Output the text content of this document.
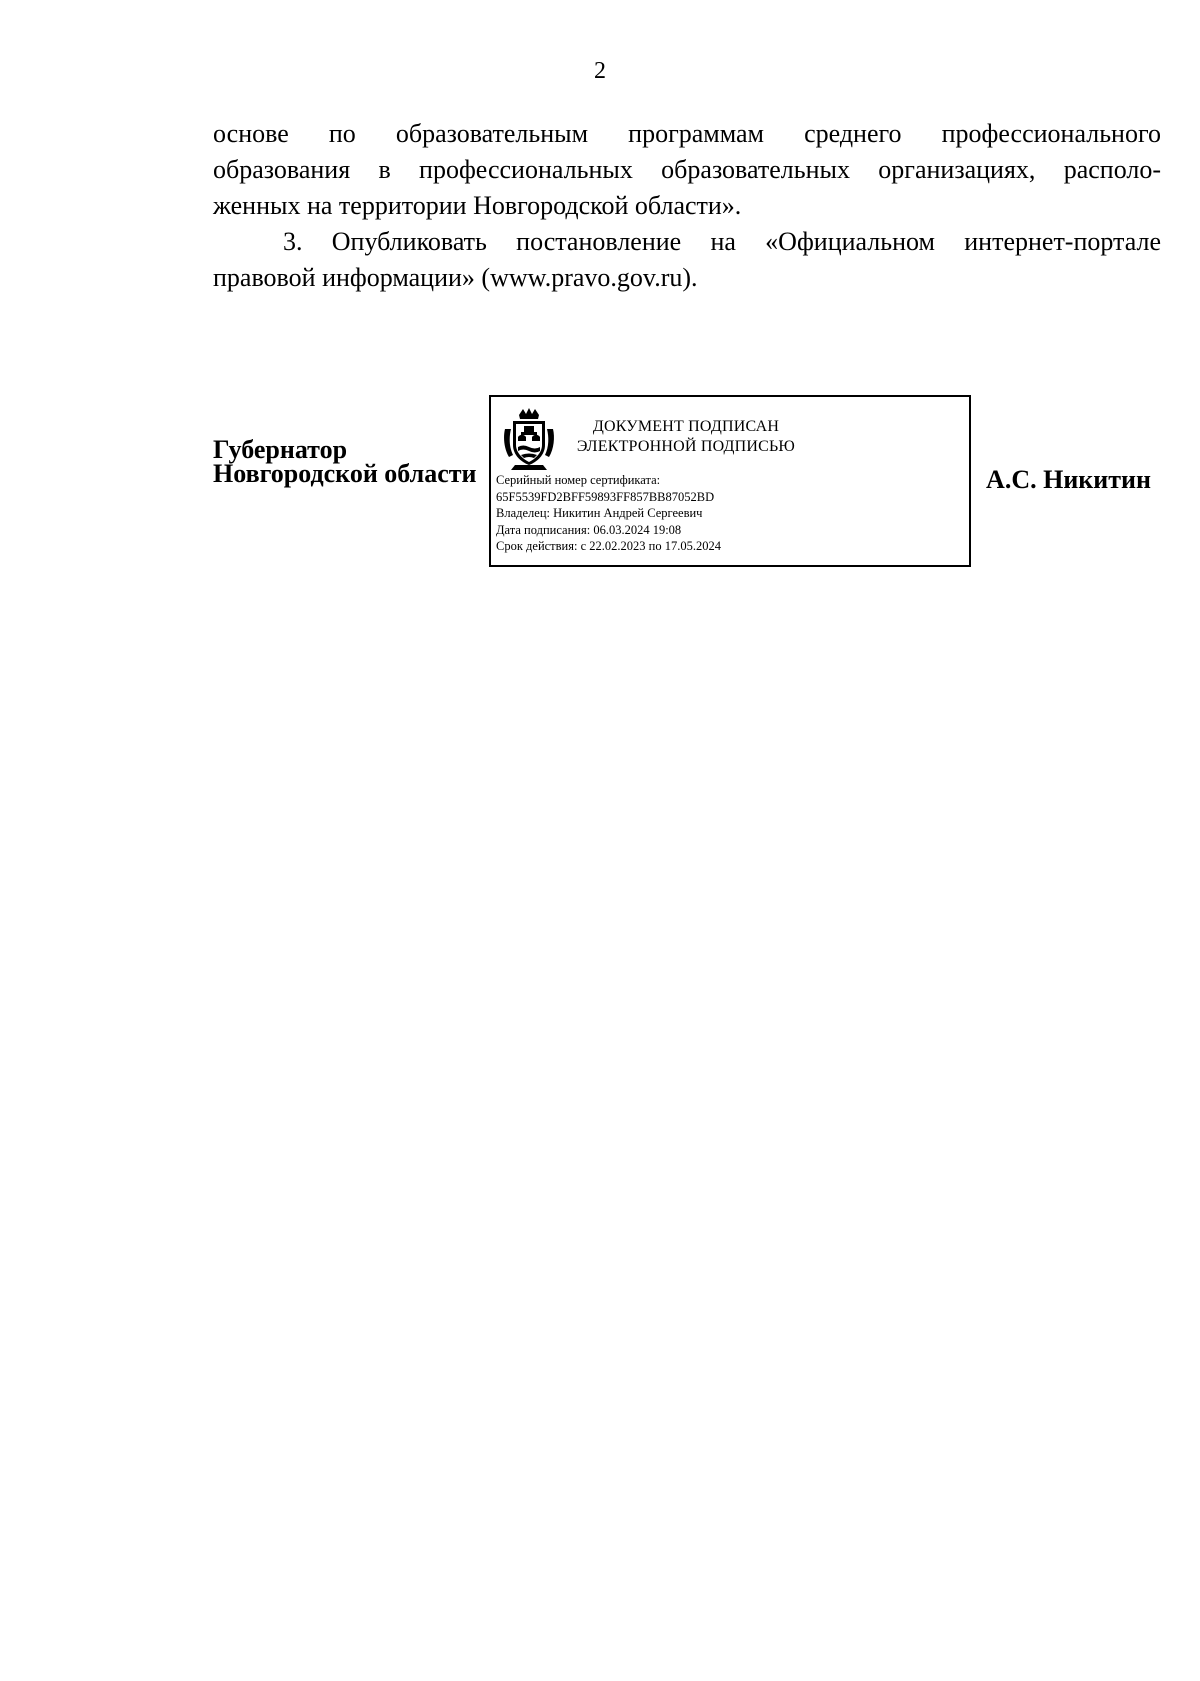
2

основе по образовательным программам среднего профессионального
образования в профессиональных образовательных организациях, располо-
женных на территории Новгородской области».

3. Опубликовать постановление на «Официальном интернет-портале
правовой информации» (www.pravo.gov.ru).

Губернатор
Новгородской области
ДОКУМЕНТ ПОДПИСАН
ЭЛЕКТРОННОЙ ПОДПИСЬЮ
Серийный номер сертификата:
65F5539FD2BFF59893FF857BB87052BD
Владелец: Никитин Андрей Сергеевич
Дата подписания: 06.03.2024 19:08
Срок действия: с 22.02.2023 по 17.05.2024
А.С. Никитин
